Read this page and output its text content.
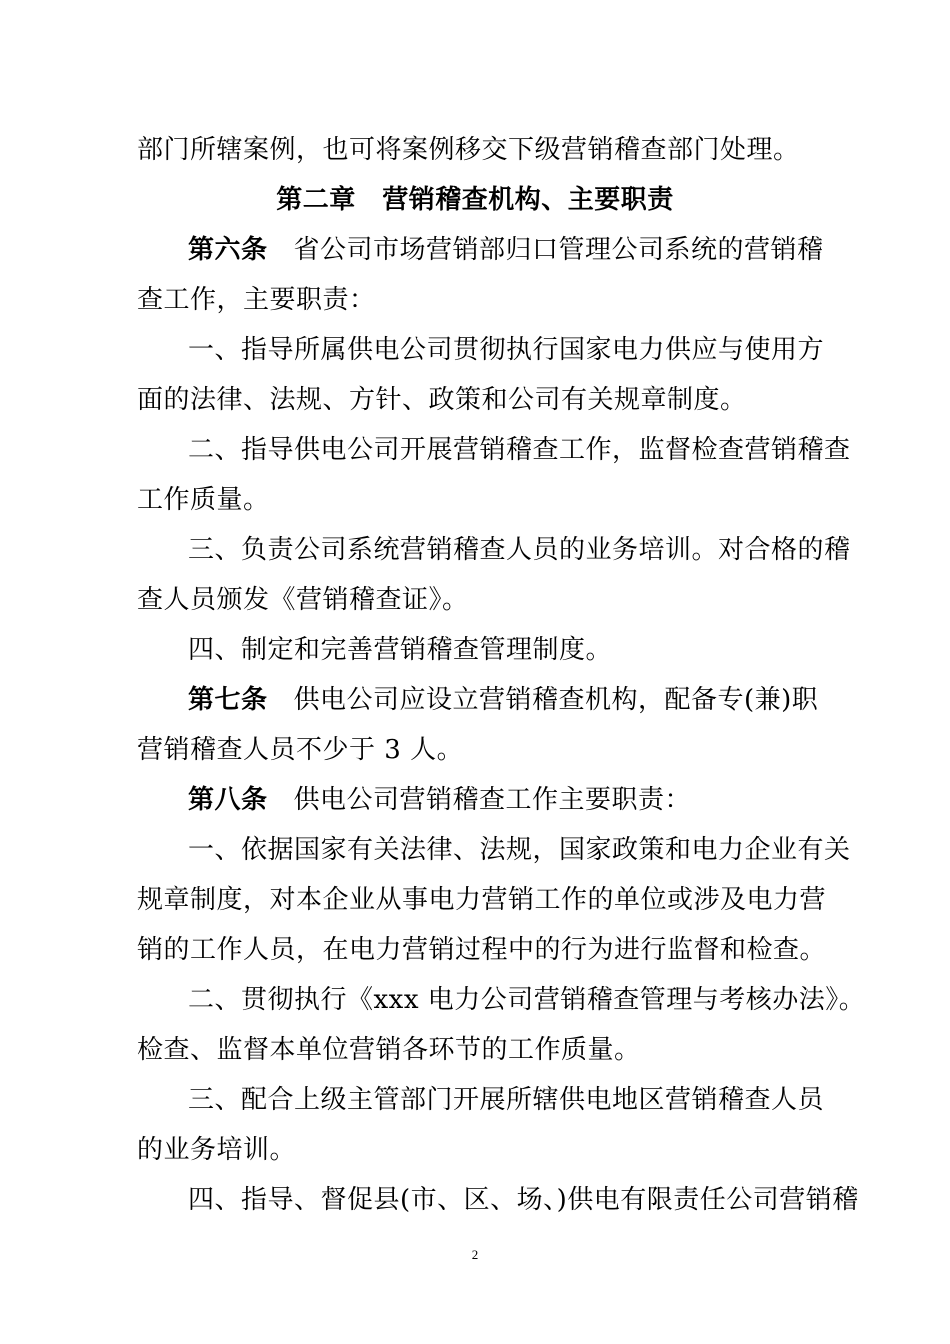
部门所辖案例，也可将案例移交下级营销稽查部门处理。
第二章　营销稽查机构、主要职责
第六条 省公司市场营销部归口管理公司系统的营销稽
查工作，主要职责：
一、指导所属供电公司贯彻执行国家电力供应与使用方
面的法律、法规、方针、政策和公司有关规章制度。
二、指导供电公司开展营销稽查工作，监督检查营销稽查
工作质量。
三、负责公司系统营销稽查人员的业务培训。对合格的稽
查人员颁发《营销稽查证》。
四、制定和完善营销稽查管理制度。
第七条 供电公司应设立营销稽查机构，配备专(兼)职
营销稽查人员不少于 3 人。
第八条 供电公司营销稽查工作主要职责：
一、依据国家有关法律、法规，国家政策和电力企业有关
规章制度，对本企业从事电力营销工作的单位或涉及电力营
销的工作人员，在电力营销过程中的行为进行监督和检查。
二、贯彻执行《xxx 电力公司营销稽查管理与考核办法》。
检查、监督本单位营销各环节的工作质量。
三、配合上级主管部门开展所辖供电地区营销稽查人员
的业务培训。
四、指导、督促县(市、区、场、)供电有限责任公司营销稽
2
